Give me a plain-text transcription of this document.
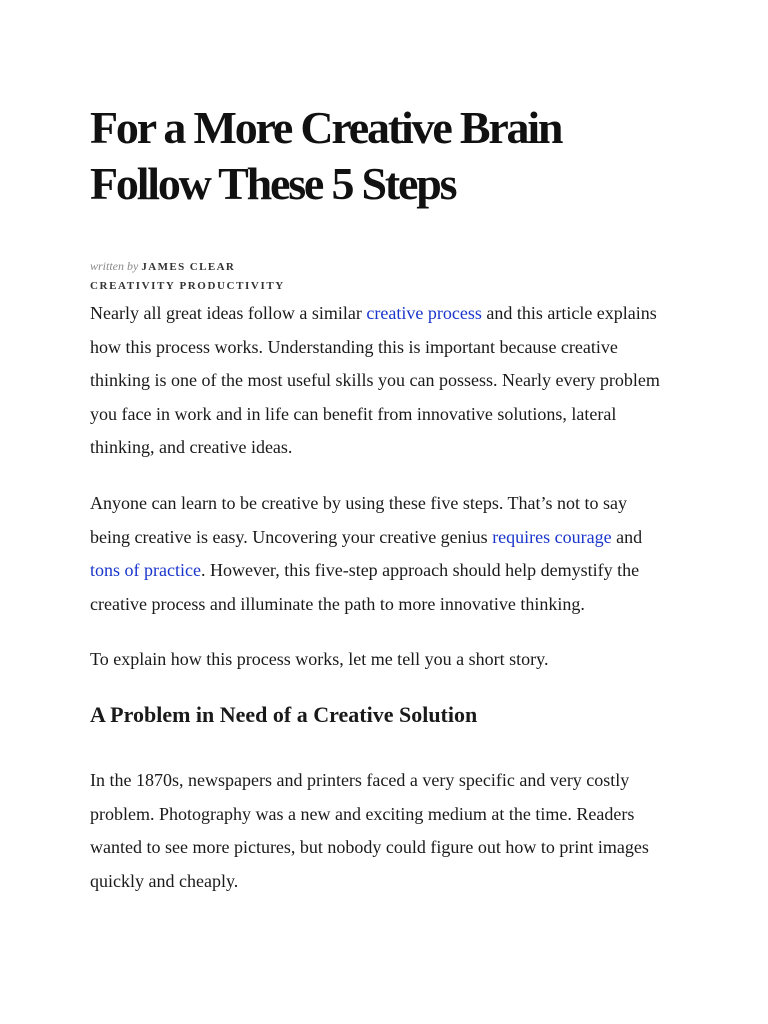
For a More Creative Brain Follow These 5 Steps
written by JAMES CLEAR
CREATIVITY PRODUCTIVITY

Nearly all great ideas follow a similar creative process and this article explains how this process works. Understanding this is important because creative thinking is one of the most useful skills you can possess. Nearly every problem you face in work and in life can benefit from innovative solutions, lateral thinking, and creative ideas.

Anyone can learn to be creative by using these five steps. That’s not to say being creative is easy. Uncovering your creative genius requires courage and tons of practice. However, this five-step approach should help demystify the creative process and illuminate the path to more innovative thinking.

To explain how this process works, let me tell you a short story.

A Problem in Need of a Creative Solution

In the 1870s, newspapers and printers faced a very specific and very costly problem. Photography was a new and exciting medium at the time. Readers wanted to see more pictures, but nobody could figure out how to print images quickly and cheaply.
